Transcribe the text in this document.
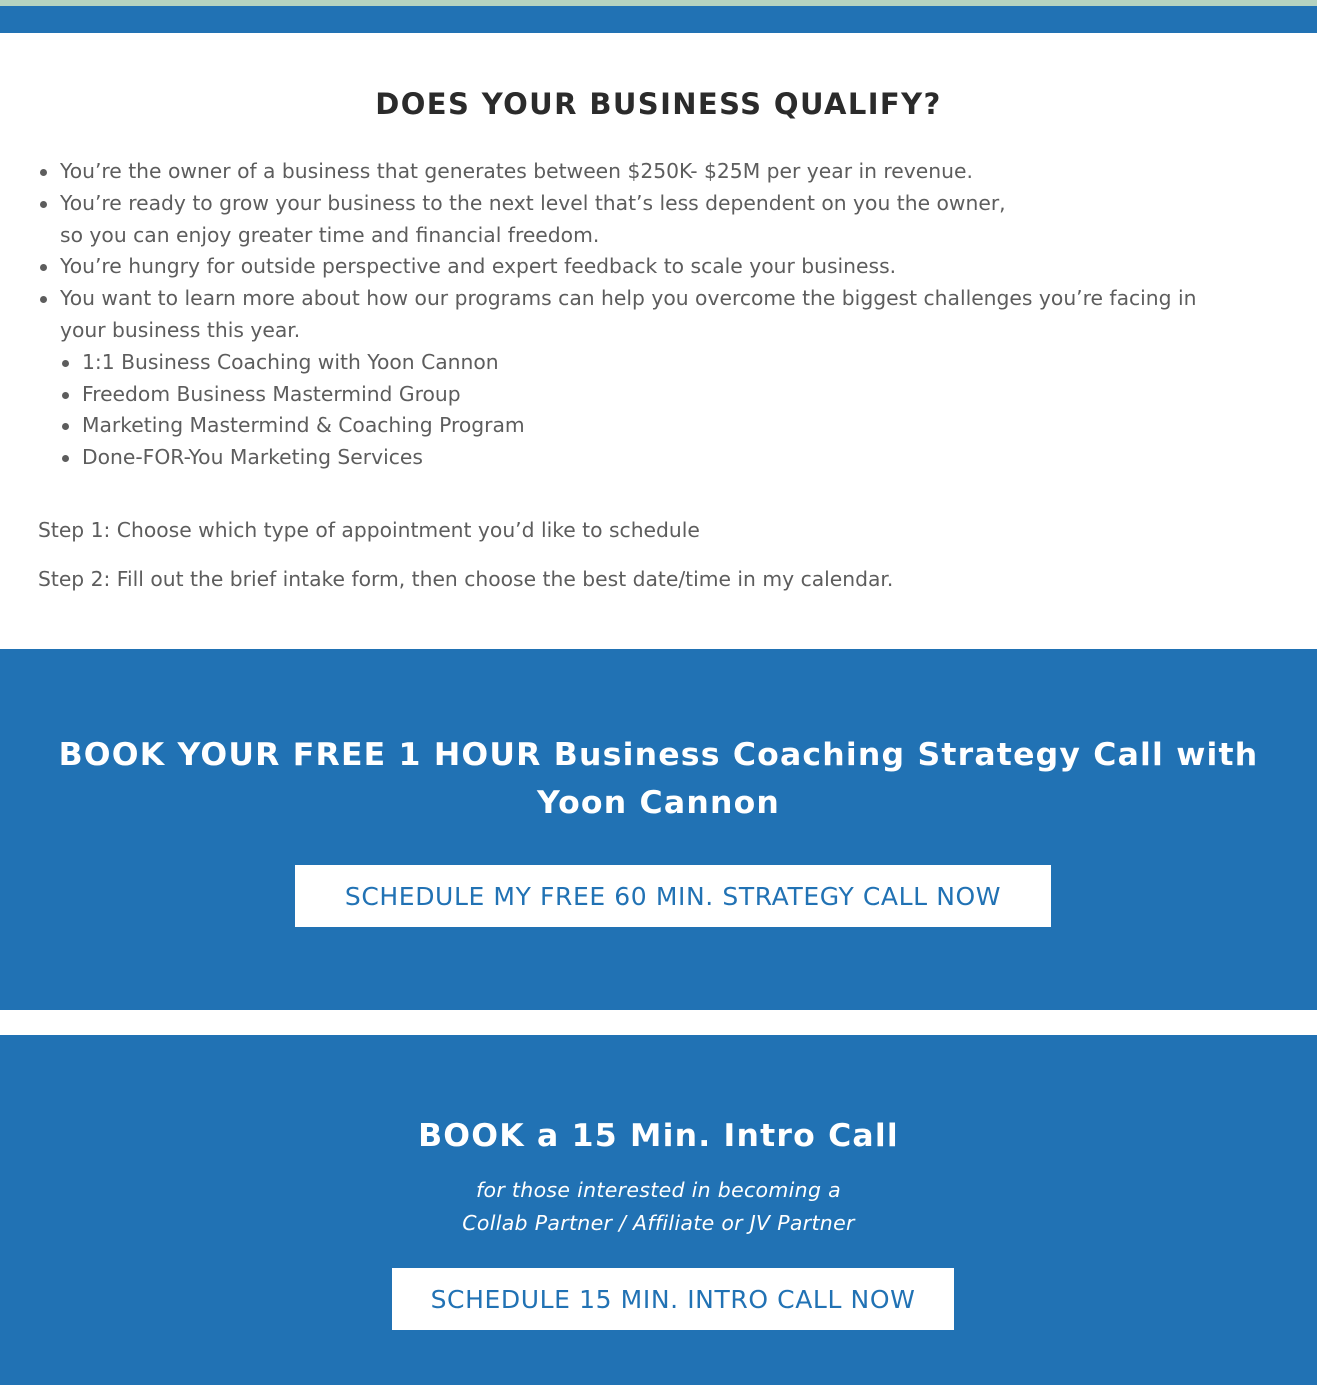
DOES YOUR BUSINESS QUALIFY?
You’re the owner of a business that generates between $250K- $25M per year in revenue.
You’re ready to grow your business to the next level that’s less dependent on you the owner,
so you can enjoy greater time and financial freedom.
You’re hungry for outside perspective and expert feedback to scale your business.
You want to learn more about how our programs can help you overcome the biggest challenges you’re facing in
your business this year.
1:1 Business Coaching with Yoon Cannon
Freedom Business Mastermind Group
Marketing Mastermind & Coaching Program
Done-FOR-You Marketing Services

Step 1: Choose which type of appointment you’d like to schedule

Step 2: Fill out the brief intake form, then choose the best date/time in my calendar.

BOOK YOUR FREE 1 HOUR Business Coaching Strategy Call with
Yoon Cannon
SCHEDULE MY FREE 60 MIN. STRATEGY CALL NOW
BOOK a 15 Min. Intro Call

for those interested in becoming a

Collab Partner / Affiliate or JV Partner

SCHEDULE 15 MIN. INTRO CALL NOW
